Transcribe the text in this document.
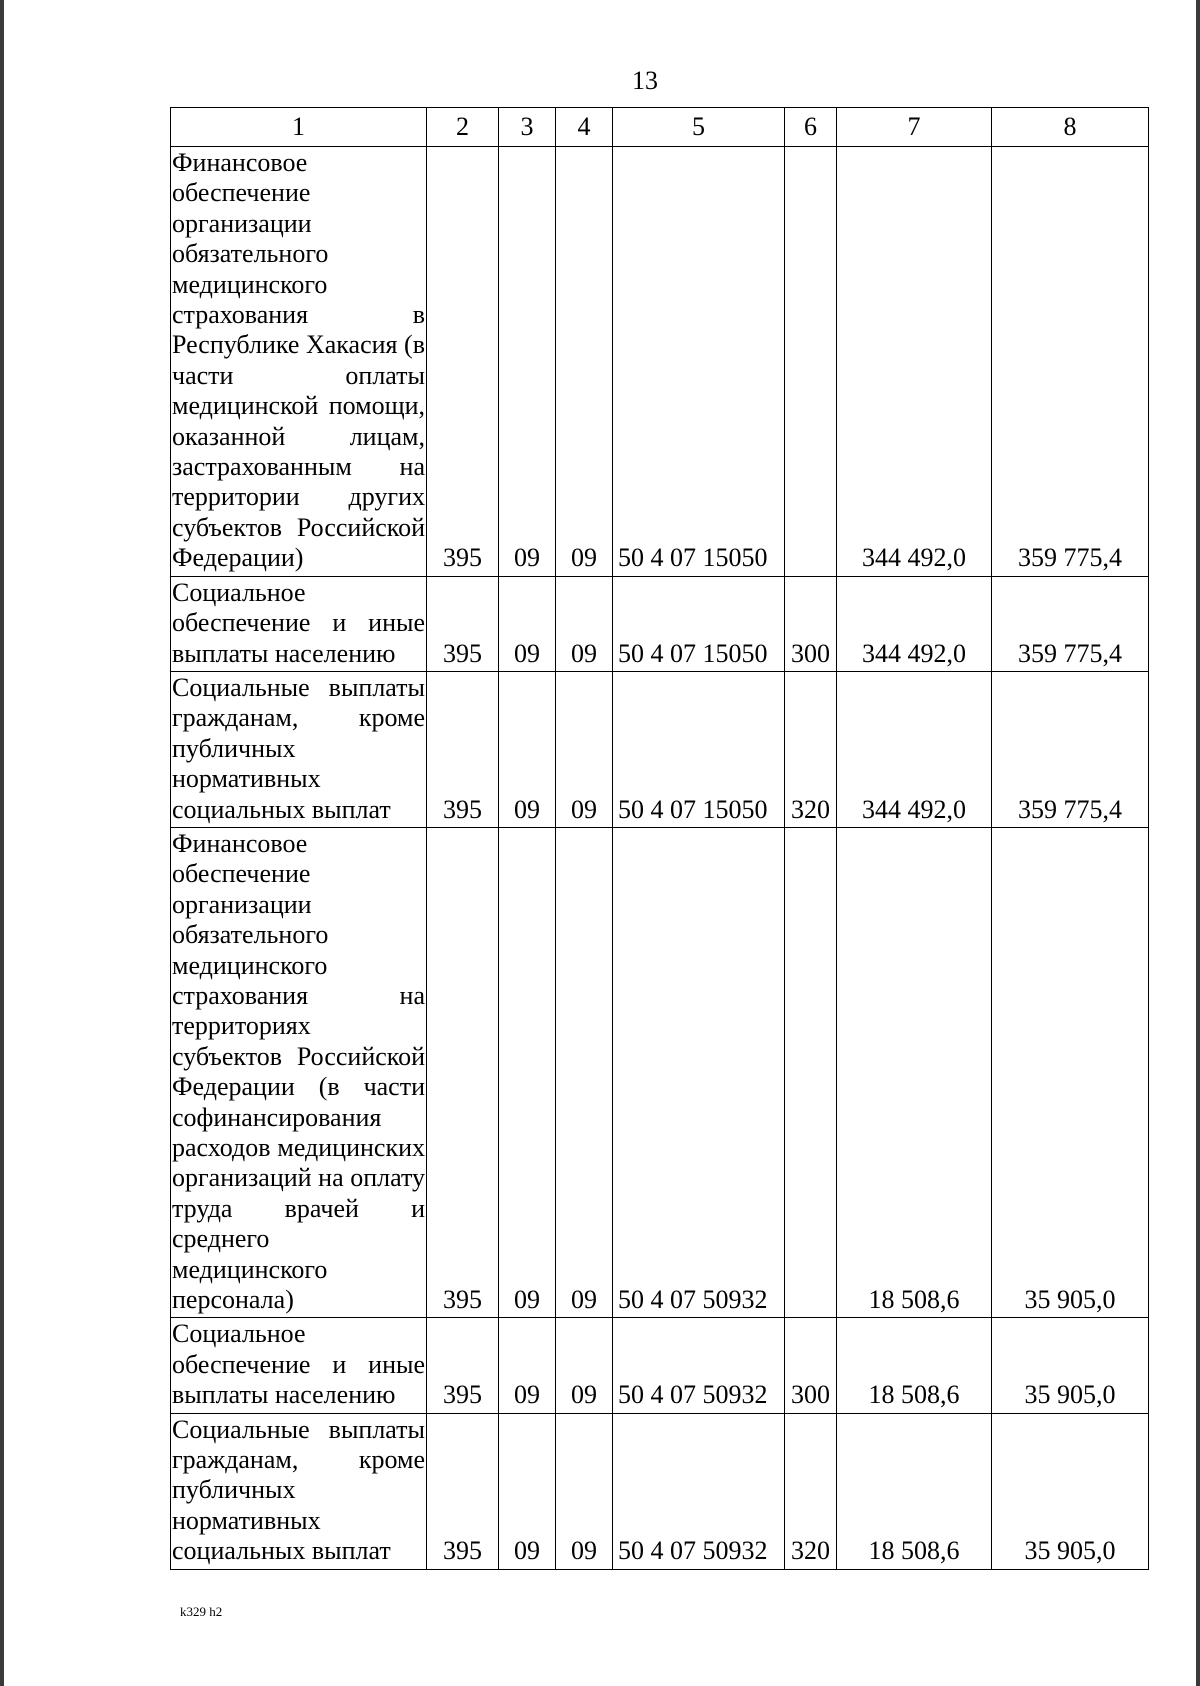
13
1	2	3	4	5	6	7	8
Финансовое обеспечение организации обязательного медицинского страхования в Республике Хакасия (в части оплаты медицинской помощи, оказанной лицам, застрахованным на территории других субъектов Российской Федерации)	395	09	09	50 4 07 15050		344 492,0	359 775,4
Социальное обеспечение и иные выплаты населению	395	09	09	50 4 07 15050	300	344 492,0	359 775,4
Социальные выплаты гражданам, кроме публичных нормативных социальных выплат	395	09	09	50 4 07 15050	320	344 492,0	359 775,4
Финансовое обеспечение организации обязательного медицинского страхования на территориях субъектов Российской Федерации (в части софинансирования расходов медицинских организаций на оплату труда врачей и среднего медицинского персонала)	395	09	09	50 4 07 50932		18 508,6	35 905,0
Социальное обеспечение и иные выплаты населению	395	09	09	50 4 07 50932	300	18 508,6	35 905,0
Социальные выплаты гражданам, кроме публичных нормативных социальных выплат	395	09	09	50 4 07 50932	320	18 508,6	35 905,0
k329 h2
